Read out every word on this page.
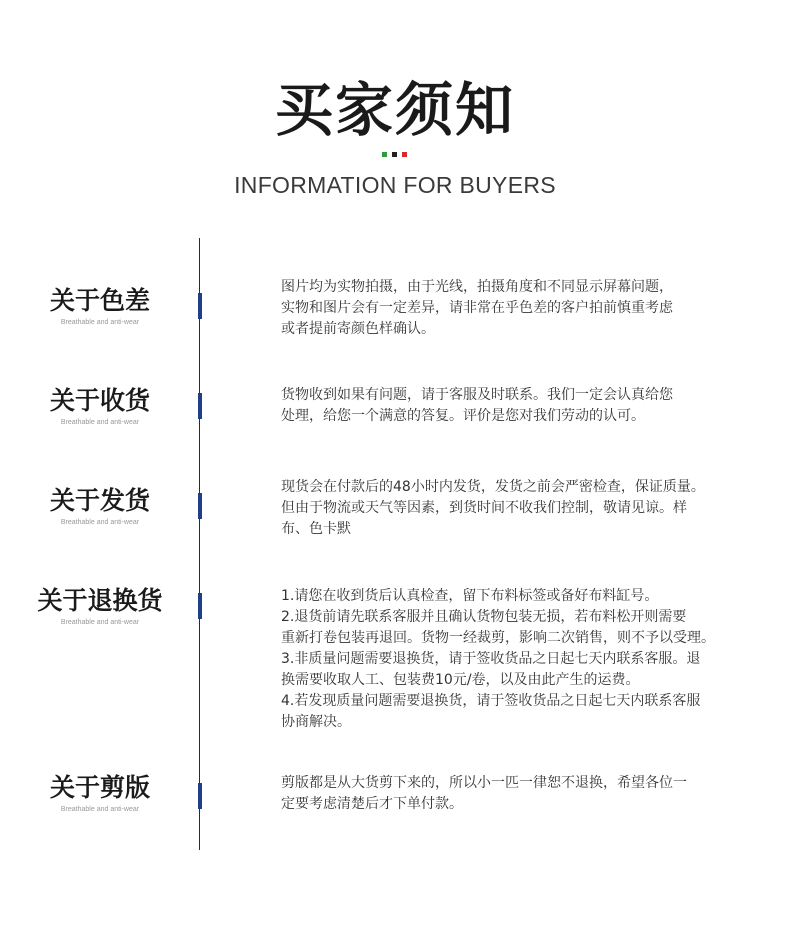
买家须知
INFORMATION FOR BUYERS
关于色差
Breathable and anti-wear

图片均为实物拍摄，由于光线，拍摄角度和不同显示屏幕问题，

实物和图片会有一定差异，请非常在乎色差的客户拍前慎重考虑

或者提前寄颜色样确认。

关于收货
Breathable and anti-wear

货物收到如果有问题，请于客服及时联系。我们一定会认真给您

处理，给您一个满意的答复。评价是您对我们劳动的认可。

关于发货
Breathable and anti-wear

现货会在付款后的48小时内发货，发货之前会严密检查，保证质量。

但由于物流或天气等因素，到货时间不收我们控制，敬请见谅。样

布、色卡默

关于退换货
Breathable and anti-wear

1.请您在收到货后认真检查，留下布料标签或备好布料缸号。

2.退货前请先联系客服并且确认货物包装无损，若布料松开则需要

重新打卷包装再退回。货物一经裁剪，影响二次销售，则不予以受理。

3.非质量问题需要退换货，请于签收货品之日起七天内联系客服。退

换需要收取人工、包装费10元/卷，以及由此产生的运费。

4.若发现质量问题需要退换货，请于签收货品之日起七天内联系客服

协商解决。

关于剪版
Breathable and anti-wear

剪版都是从大货剪下来的，所以小一匹一律恕不退换，希望各位一

定要考虑清楚后才下单付款。
